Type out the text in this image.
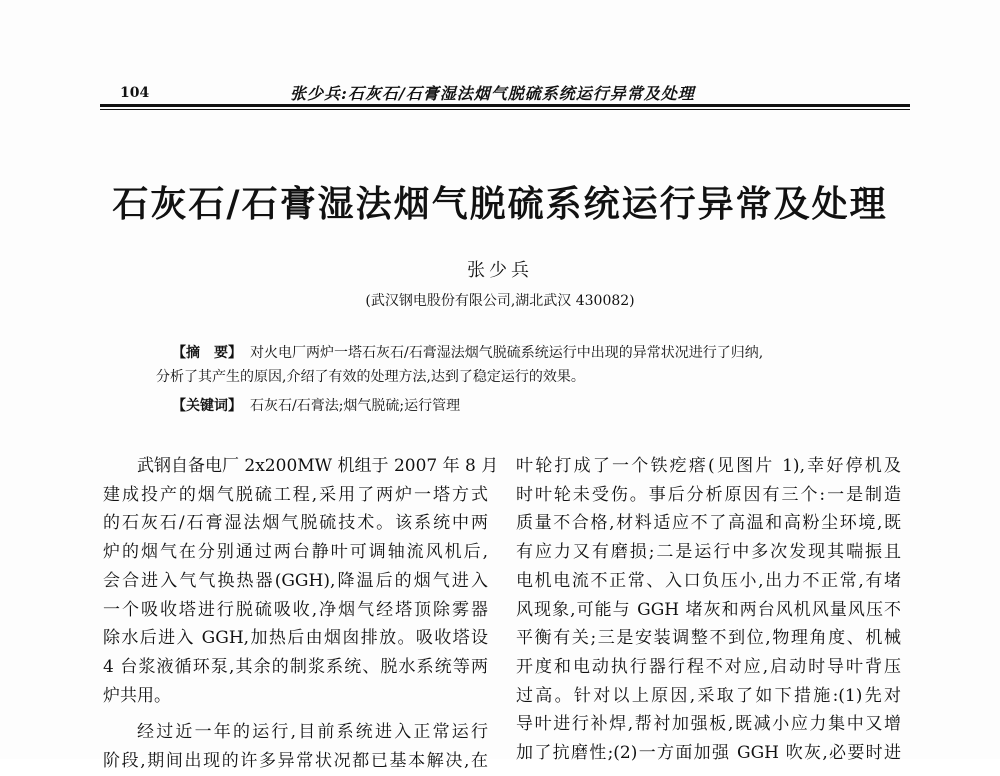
104	张少兵:石灰石/石膏湿法烟气脱硫系统运行异常及处理
石灰石/石膏湿法烟气脱硫系统运行异常及处理
张少兵
(武汉钢电股份有限公司,湖北武汉 430082)
【摘　要】 对火电厂两炉一塔石灰石/石膏湿法烟气脱硫系统运行中出现的异常状况进行了归纳,
分析了其产生的原因,介绍了有效的处理方法,达到了稳定运行的效果。
【关键词】 石灰石/石膏法;烟气脱硫;运行管理
武钢自备电厂 2x200MW 机组于 2007 年 8 月
建成投产的烟气脱硫工程,采用了两炉一塔方式
的石灰石/石膏湿法烟气脱硫技术。该系统中两
炉的烟气在分别通过两台静叶可调轴流风机后,
会合进入气气换热器(GGH),降温后的烟气进入
一个吸收塔进行脱硫吸收,净烟气经塔顶除雾器
除水后进入 GGH,加热后由烟囱排放。吸收塔设
4 台浆液循环泵,其余的制浆系统、脱水系统等两
炉共用。
经过近一年的运行,目前系统进入正常运行
阶段,期间出现的许多异常状况都已基本解决,在
叶轮打成了一个铁疙瘩(见图片 1),幸好停机及
时叶轮未受伤。事后分析原因有三个:一是制造
质量不合格,材料适应不了高温和高粉尘环境,既
有应力又有磨损;二是运行中多次发现其喘振且
电机电流不正常、入口负压小,出力不正常,有堵
风现象,可能与 GGH 堵灰和两台风机风量风压不
平衡有关;三是安装调整不到位,物理角度、机械
开度和电动执行器行程不对应,启动时导叶背压
过高。针对以上原因,采取了如下措施:(1)先对
导叶进行补焊,帮衬加强板,既减小应力集中又增
加了抗磨性;(2)一方面加强 GGH 吹灰,必要时进
